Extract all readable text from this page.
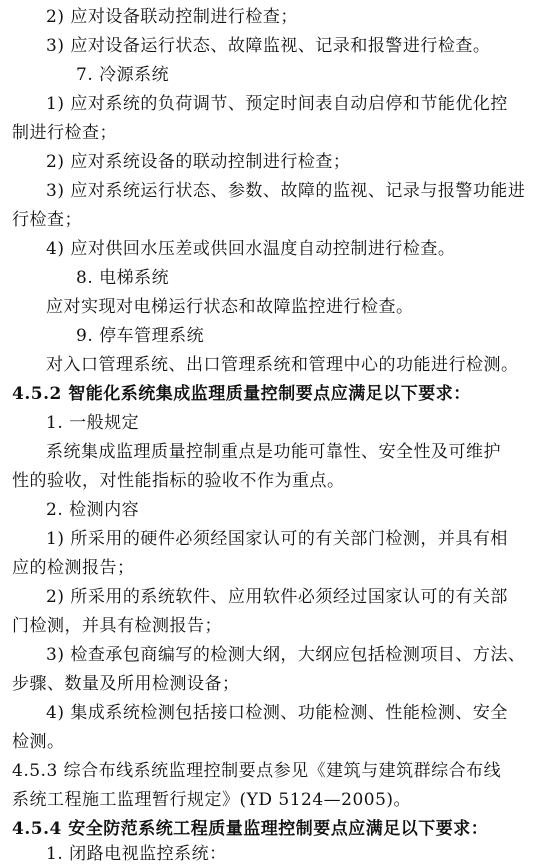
2) 应对设备联动控制进行检查；
3) 应对设备运行状态、故障监视、记录和报警进行检查。
7. 冷源系统
1) 应对系统的负荷调节、预定时间表自动启停和节能优化控
制进行检查；
2) 应对系统设备的联动控制进行检查；
3) 应对系统运行状态、参数、故障的监视、记录与报警功能进
行检查；
4) 应对供回水压差或供回水温度自动控制进行检查。
8. 电梯系统
应对实现对电梯运行状态和故障监控进行检查。
9. 停车管理系统
对入口管理系统、出口管理系统和管理中心的功能进行检测。
4.5.2 智能化系统集成监理质量控制要点应满足以下要求：
1. 一般规定
系统集成监理质量控制重点是功能可靠性、安全性及可维护
性的验收，对性能指标的验收不作为重点。
2. 检测内容
1) 所采用的硬件必须经国家认可的有关部门检测，并具有相
应的检测报告；
2) 所采用的系统软件、应用软件必须经过国家认可的有关部
门检测，并具有检测报告；
3) 检查承包商编写的检测大纲，大纲应包括检测项目、方法、
步骤、数量及所用检测设备；
4) 集成系统检测包括接口检测、功能检测、性能检测、安全
检测。
4.5.3 综合布线系统监理控制要点参见《建筑与建筑群综合布线
系统工程施工监理暂行规定》(YD 5124—2005)。
4.5.4 安全防范系统工程质量监理控制要点应满足以下要求：
1. 闭路电视监控系统：
